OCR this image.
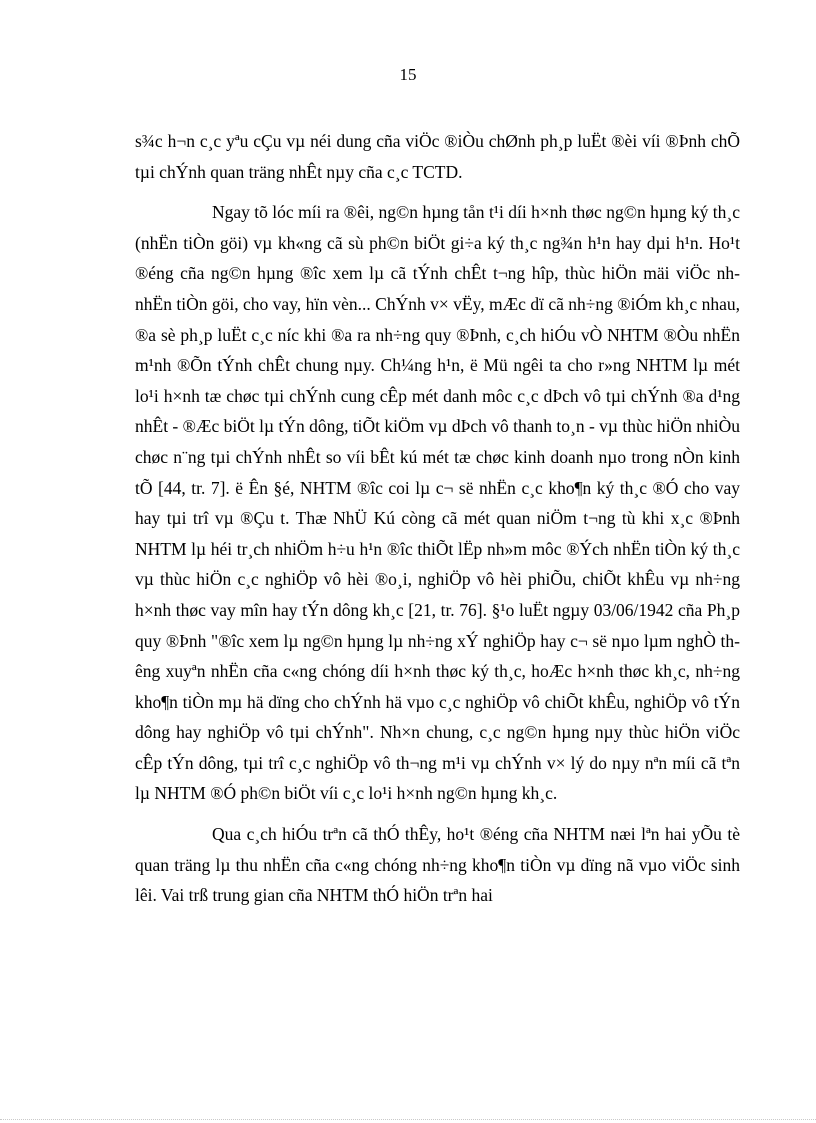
15

s¾c h¬n c¸c yªu cÇu vµ néi dung cña viÖc ®iÒu chØnh ph¸p luËt ®èi víi ®Þnh chÕ tµi chÝnh quan träng nhÊt nµy cña c¸c TCTD.

Ngay tõ lóc míi ra ®êi, ng©n hµng tån t¹i díi h×nh thøc ng©n hµng ký th¸c (nhËn tiÒn göi) vµ kh«ng cã sù ph©n biÖt gi÷a ký th¸c ng¾n h¹n hay dµi h¹n. Ho¹t ®éng cña ng©n hµng ®îc xem lµ cã tÝnh chÊt t¬ng hîp, thùc hiÖn mäi viÖc nh nhËn tiÒn göi, cho vay, hïn vèn... ChÝnh v× vËy, mÆc dï cã nh÷ng ®iÓm kh¸c nhau, ®a sè ph¸p luËt c¸c níc khi ®a ra nh÷ng quy ®Þnh, c¸ch hiÓu vÒ NHTM ®Òu nhËn m¹nh ®Õn tÝnh chÊt chung nµy. Ch¼ng h¹n, ë Mü ngêi ta cho r»ng NHTM lµ mét lo¹i h×nh tæ chøc tµi chÝnh cung cÊp mét danh môc c¸c dÞch vô tµi chÝnh ®a d¹ng nhÊt - ®Æc biÖt lµ tÝn dông, tiÕt kiÖm vµ dÞch vô thanh to¸n - vµ thùc hiÖn nhiÒu chøc n¨ng tµi chÝnh nhÊt so víi bÊt kú mét tæ chøc kinh doanh nµo trong nÒn kinh tÕ [44, tr. 7]. ë Ên §é, NHTM ®îc coi lµ c¬ së nhËn c¸c kho¶n ký th¸c ®Ó cho vay hay tµi trî vµ ®Çu t. Thæ NhÜ Kú còng cã mét quan niÖm t¬ng tù khi x¸c ®Þnh NHTM lµ héi tr¸ch nhiÖm h÷u h¹n ®îc thiÕt lËp nh»m môc ®Ých nhËn tiÒn ký th¸c vµ thùc hiÖn c¸c nghiÖp vô hèi ®o¸i, nghiÖp vô hèi phiÕu, chiÕt khÊu vµ nh÷ng h×nh thøc vay mîn hay tÝn dông kh¸c [21, tr. 76]. §¹o luËt ngµy 03/06/1942 cña Ph¸p quy ®Þnh "®îc xem lµ ng©n hµng lµ nh÷ng xÝ nghiÖp hay c¬ së nµo lµm nghÒ thêng xuyªn nhËn cña c«ng chóng díi h×nh thøc ký th¸c, hoÆc h×nh thøc kh¸c, nh÷ng kho¶n tiÒn mµ hä dïng cho chÝnh hä vµo c¸c nghiÖp vô chiÕt khÊu, nghiÖp vô tÝn dông hay nghiÖp vô tµi chÝnh". Nh×n chung, c¸c ng©n hµng nµy thùc hiÖn viÖc cÊp tÝn dông, tµi trî c¸c nghiÖp vô th¬ng m¹i vµ chÝnh v× lý do nµy nªn míi cã tªn lµ NHTM ®Ó ph©n biÖt víi c¸c lo¹i h×nh ng©n hµng kh¸c.

Qua c¸ch hiÓu trªn cã thÓ thÊy, ho¹t ®éng cña NHTM næi lªn hai yÕu tè quan träng lµ thu nhËn cña c«ng chóng nh÷ng kho¶n tiÒn vµ dïng nã vµo viÖc sinh lêi. Vai trß trung gian cña NHTM thÓ hiÖn trªn hai
